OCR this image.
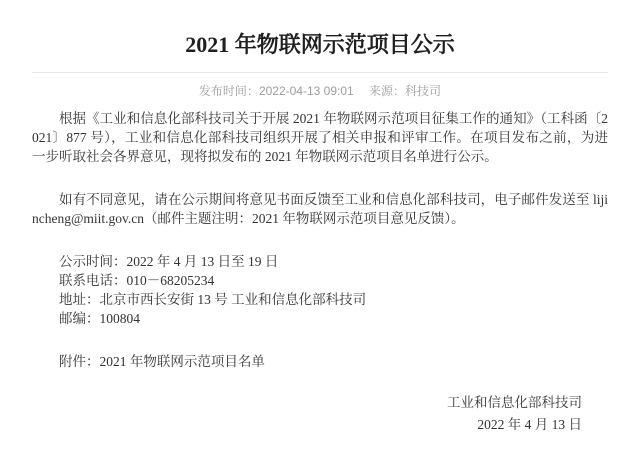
2021 年物联网示范项目公示
发布时间：2022-04-13 09:01 来源：科技司

根据《工业和信息化部科技司关于开展 2021 年物联网示范项目征集工作的通知》（工科函〔2021〕877 号），工业和信息化部科技司组织开展了相关申报和评审工作。在项目发布之前，为进一步听取社会各界意见，现将拟发布的 2021 年物联网示范项目名单进行公示。

如有不同意见，请在公示期间将意见书面反馈至工业和信息化部科技司，电子邮件发送至 lijincheng@miit.gov.cn（邮件主题注明：2021 年物联网示范项目意见反馈）。

公示时间：2022 年 4 月 13 日至 19 日
联系电话：010－68205234
地址：北京市西长安街 13 号 工业和信息化部科技司
邮编：100804
附件：2021 年物联网示范项目名单
工业和信息化部科技司
2022 年 4 月 13 日
